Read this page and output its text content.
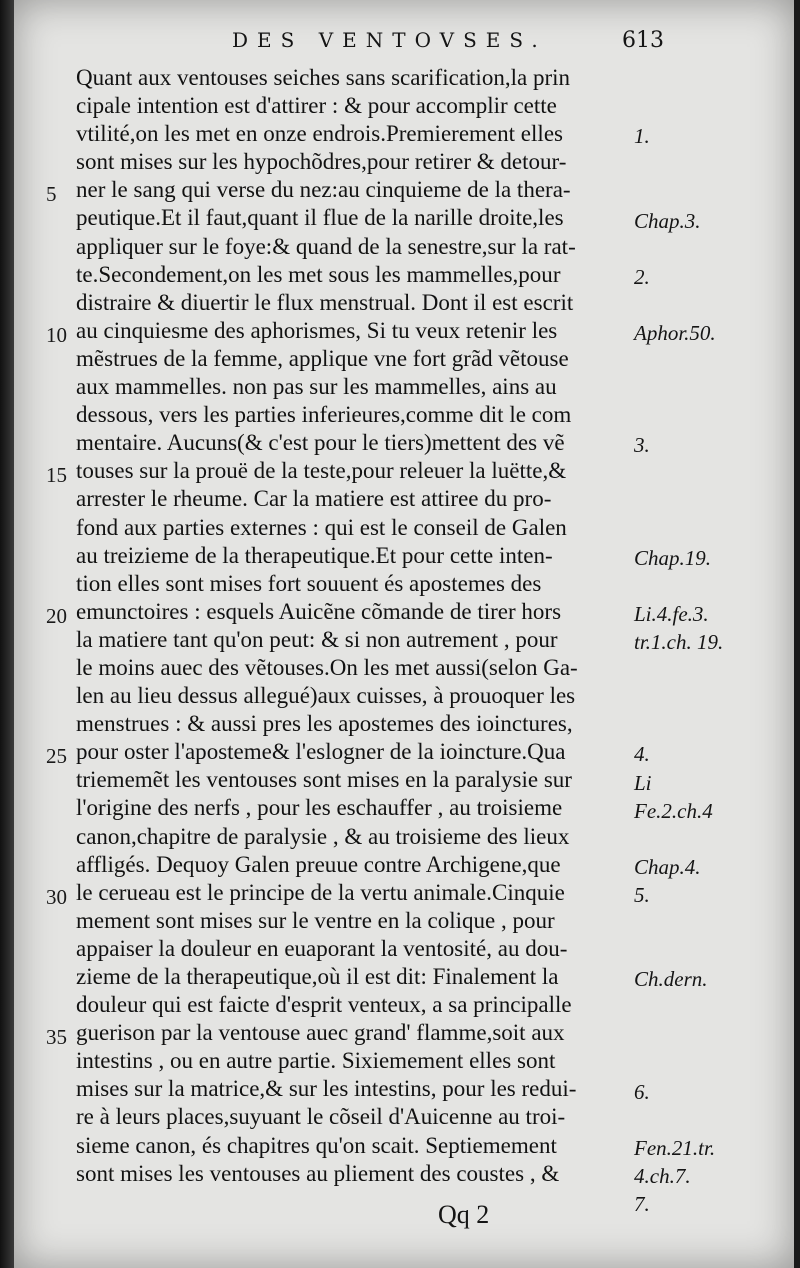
DES VENTOVSES.	613
Quant aux ventouses seiches sans scarification,la prin
cipale intention est d'attirer : & pour accomplir cette
vtilité,on les met en onze endrois.Premierement elles
sont mises sur les hypochõdres,pour retirer & detour-
ner le sang qui verse du nez:au cinquieme de la thera-
peutique.Et il faut,quant il flue de la narille droite,les
appliquer sur le foye:& quand de la senestre,sur la rat-
te.Secondement,on les met sous les mammelles,pour
distraire & diuertir le flux menstrual. Dont il est escrit
au cinquiesme des aphorismes, Si tu veux retenir les
mẽstrues de la femme, applique vne fort grãd vẽtouse
aux mammelles. non pas sur les mammelles, ains au
dessous, vers les parties inferieures,comme dit le com
mentaire. Aucuns(& c'est pour le tiers)mettent des vẽ
touses sur la prouë de la teste,pour releuer la luëtte,&
arrester le rheume. Car la matiere est attiree du pro-
fond aux parties externes : qui est le conseil de Galen
au treizieme de la therapeutique.Et pour cette inten-
tion elles sont mises fort souuent és apostemes des
emunctoires : esquels Auicẽne cõmande de tirer hors
la matiere tant qu'on peut: & si non autrement , pour
le moins auec des vẽtouses.On les met aussi(selon Ga-
len au lieu dessus allegué)aux cuisses, à prouoquer les
menstrues : & aussi pres les apostemes des ioinctures,
pour oster l'aposteme& l'eslogner de la ioincture.Qua
triememẽt les ventouses sont mises en la paralysie sur
l'origine des nerfs , pour les eschauffer , au troisieme
canon,chapitre de paralysie , & au troisieme des lieux
affligés. Dequoy Galen preuue contre Archigene,que
le cerueau est le principe de la vertu animale.Cinquie
mement sont mises sur le ventre en la colique , pour
appaiser la douleur en euaporant la ventosité, au dou-
zieme de la therapeutique,où il est dit: Finalement la
douleur qui est faicte d'esprit venteux, a sa principalle
guerison par la ventouse auec grand' flamme,soit aux
intestins , ou en autre partie. Sixiemement elles sont
mises sur la matrice,& sur les intestins, pour les redui-
re à leurs places,suyuant le cõseil d'Auicenne au troi-
sieme canon, és chapitres qu'on scait. Septiemement
sont mises les ventouses au pliement des coustes , &
5
10
15
20
25
30
35
1.
Chap.3.
2.
Aphor.50.
3.
Chap.19.
Li.4.fe.3.
tr.1.ch. 19.
4.
Li
Fe.2.ch.4
Chap.4.
5.
Ch.dern.
6.
Fen.21.tr.
4.ch.7.
7.
Qq 2
